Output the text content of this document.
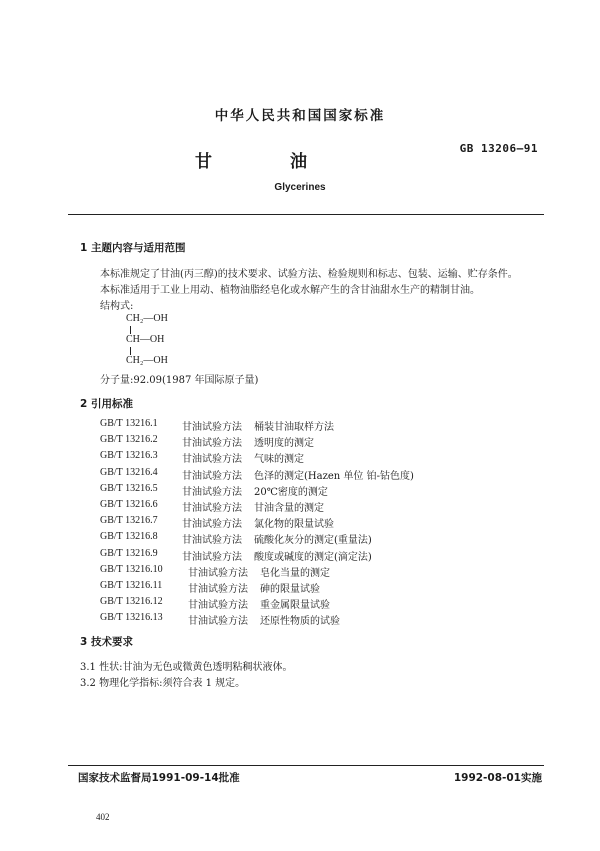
中华人民共和国国家标准
GB 13206—91
甘	油
Glycerines
1 主题内容与适用范围
本标准规定了甘油(丙三醇)的技术要求、试验方法、检验规则和标志、包装、运输、贮存条件。
本标准适用于工业上用动、植物油脂经皂化或水解产生的含甘油甜水生产的精制甘油。
结构式:
CH₂—OH
CH—OH
CH₂—OH
分子量:92.09(1987 年国际原子量)
2 引用标准
GB/T 13216.1 甘油试验方法 桶装甘油取样方法
GB/T 13216.2 甘油试验方法 透明度的测定
GB/T 13216.3 甘油试验方法 气味的测定
GB/T 13216.4 甘油试验方法 色泽的测定(Hazen 单位 铂-钴色度)
GB/T 13216.5 甘油试验方法 20℃密度的测定
GB/T 13216.6 甘油试验方法 甘油含量的测定
GB/T 13216.7 甘油试验方法 氯化物的限量试验
GB/T 13216.8 甘油试验方法 硫酸化灰分的测定(重量法)
GB/T 13216.9 甘油试验方法 酸度或碱度的测定(滴定法)
GB/T 13216.10	甘油试验方法 皂化当量的测定
GB/T 13216.11	甘油试验方法 砷的限量试验
GB/T 13216.12	甘油试验方法 重金属限量试验
GB/T 13216.13	甘油试验方法 还原性物质的试验
3 技术要求
3.1 性状:甘油为无色或微黄色透明粘稠状液体。
3.2 物理化学指标:须符合表 1 规定。
国家技术监督局1991-09-14批准	1992-08-01实施
402
